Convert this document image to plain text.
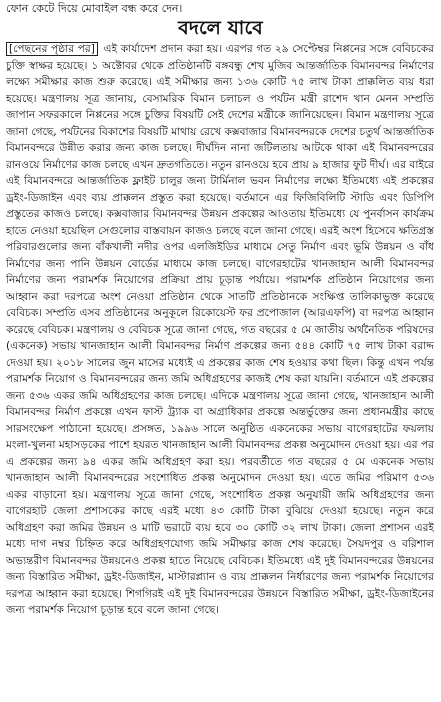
ফোন কেটে দিয়ে মোবাইল বন্ধ করে দেন।
বদলে যাবে
[পেছনের পৃষ্ঠার পর] এই কার্যাদেশ প্রদান করা হয়। এরপর গত ২৯ সেপ্টেম্বর নিপ্পনের সঙ্গে বেবিচকের চুক্তি স্বাক্ষর হয়েছে। ১ অক্টোবর থেকে প্রতিষ্ঠানটি বঙ্গবন্ধু শেখ মুজিব আন্তর্জাতিক বিমানবন্দর নির্মাণের লক্ষ্যে সমীক্ষার কাজ শুরু করেছে। এই সমীক্ষার জন্য ১৩৬ কোটি ৭৫ লাখ টাকা প্রাক্কলিত ব্যয় ধরা হয়েছে। মন্ত্রণালয় সূত্র জানায়, বেসামরিক বিমান চলাচল ও পর্যটন মন্ত্রী রাশেদ খান মেনন সম্প্রতি জাপান সফরকালে নিপ্পনের সঙ্গে চুক্তির বিষয়টি সেই দেশের মন্ত্রীকে জানিয়েছেন। বিমান মন্ত্রণালয় সূত্রে জানা গেছে, পর্যটনের বিকাশের বিষয়টি মাথায় রেখে কক্সবাজার বিমানবন্দরকে দেশের চতুর্থ আন্তর্জাতিক বিমানবন্দরে উন্নীত করার জন্য কাজ চলছে। দীর্ঘদিন নানা জটিলতায় আটকে থাকা এই বিমানবন্দরের রানওয়ে নির্মাণের কাজ চলছে এখন দ্রুতগতিতে। নতুন রানওয়ে হবে প্রায় ৯ হাজার ফুট দীর্ঘ। এর বাইরে এই বিমানবন্দরে আন্তর্জাতিক ফ্লাইট চালুর জন্য টার্মিনাল ভবন নির্মাণের লক্ষ্যে ইতিমধ্যে এই প্রকল্পের ড্রইং-ডিজাইন এবং ব্যয় প্রাক্কলন প্রস্তুত করা হয়েছে। বর্তমানে এর ফিজিবিলিটি স্টাডি এবং ডিপিপি প্রস্তুতের কাজও চলছে। কক্সবাজার বিমানবন্দর উন্নয়ন প্রকল্পের আওতায় ইতিমধ্যে যে পুনর্বাসন কার্যক্রম হাতে নেওয়া হয়েছিল সেগুলোর বাস্তবায়ন কাজও চলছে বলে জানা গেছে। এরই অংশ হিসেবে ক্ষতিগ্রস্ত পরিবারগুলোর জন্য বাঁকখালী নদীর ওপর এলজিইডির মাধ্যমে সেতু নির্মাণ এবং ভূমি উন্নয়ন ও বাঁধ নির্মাণের জন্য পানি উন্নয়ন বোর্ডের মাধ্যমে কাজ চলছে। বাগেরহাটের খানজাহান আলী বিমানবন্দর নির্মাণের জন্য পরামর্শক নিয়োগের প্রক্রিয়া প্রায় চূড়ান্ত পর্যায়ে। পরামর্শক প্রতিষ্ঠান নিয়োগের জন্য আহ্বান করা দরপত্রে অংশ নেওয়া প্রতিষ্ঠান থেকে সাতটি প্রতিষ্ঠানকে সংক্ষিপ্ত তালিকাভুক্ত করেছে বেবিচক। সম্প্রতি এসব প্রতিষ্ঠানের অনুকূলে রিকোয়েস্ট ফর প্রপোজাল (আরএফপি) বা দরপত্র আহ্বান করেছে বেবিচক। মন্ত্রণালয় ও বেবিচক সূত্রে জানা গেছে, গত বছরের ৫ মে জাতীয় অর্থনৈতিক পরিষদের (একনেক) সভায় খানজাহান আলী বিমানবন্দর নির্মাণ প্রকল্পের জন্য ৫৪৪ কোটি ৭৫ লাখ টাকা বরাদ্দ দেওয়া হয়। ২০১৮ সালের জুন মাসের মধ্যেই এ প্রকল্পের কাজ শেষ হওয়ার কথা ছিল। কিন্তু এখন পর্যন্ত পরামর্শক নিয়োগ ও বিমানবন্দরের জন্য জমি অধিগ্রহণের কাজই শেষ করা যায়নি। বর্তমানে এই প্রকল্পের জন্য ৫৩৬ একর জমি অধিগ্রহণের কাজ চলছে। এদিকে মন্ত্রণালয় সূত্রে জানা গেছে, খানজাহান আলী বিমানবন্দর নির্মাণ প্রকল্পে এখন ফাস্ট ট্র্যাক বা অগ্রাধিকার প্রকল্পে অন্তর্ভুক্তের জন্য প্রধানমন্ত্রীর কাছে সারসংক্ষেপ পাঠানো হয়েছে। প্রসঙ্গত, ১৯৯৬ সালে অনুষ্ঠিত একনেকের সভায় বাগেরহাটের ফয়লায় মংলা-খুলনা মহাসড়কের পাশে হযরত খানজাহান আলী বিমানবন্দর প্রকল্প অনুমোদন দেওয়া হয়। এর পর এ প্রকল্পের জন্য ৯৪ একর জমি অধিগ্রহণ করা হয়। পরবর্তীতে গত বছরের ৫ মে একনেক সভায় খানজাহান আলী বিমানবন্দরের সংশোধিত প্রকল্প অনুমোদন দেওয়া হয়। এতে জমির পরিমাণ ৫৩৬ একর বাড়ানো হয়। মন্ত্রণালয় সূত্রে জানা গেছে, সংশোধিত প্রকল্প অনুযায়ী জমি অধিগ্রহণের জন্য বাগেরহাট জেলা প্রশাসকের কাছে এরই মধ্যে ৪৩ কোটি টাকা বুঝিয়ে দেওয়া হয়েছে। নতুন করে অধিগ্রহণ করা জমির উন্নয়ন ও মাটি ভরাটে ব্যয় হবে ৩০ কোটি ৩২ লাখ টাকা। জেলা প্রশাসন এরই মধ্যে দাগ নম্বর চিহ্নিত করে অধিগ্রহণযোগ্য জমি সমীক্ষার কাজ শেষ করেছে। সৈয়দপুর ও বরিশাল অভ্যন্তরীণ বিমানবন্দর উন্নয়নেও প্রকল্প হাতে নিয়েছে বেবিচক। ইতিমধ্যে এই দুই বিমানবন্দরের উন্নয়নের জন্য বিস্তারিত সমীক্ষা, ড্রইং-ডিজাইন, মাস্টারপ্ল্যান ও ব্যয় প্রাক্কলন নির্ধারণের জন্য পরামর্শক নিয়োগের দরপত্র আহ্বান করা হয়েছে। শিগগিরই এই দুই বিমানবন্দরের উন্নয়নে বিস্তারিত সমীক্ষা, ড্রইং-ডিজাইনের জন্য পরামর্শক নিয়োগ চূড়ান্ত হবে বলে জানা গেছে।
